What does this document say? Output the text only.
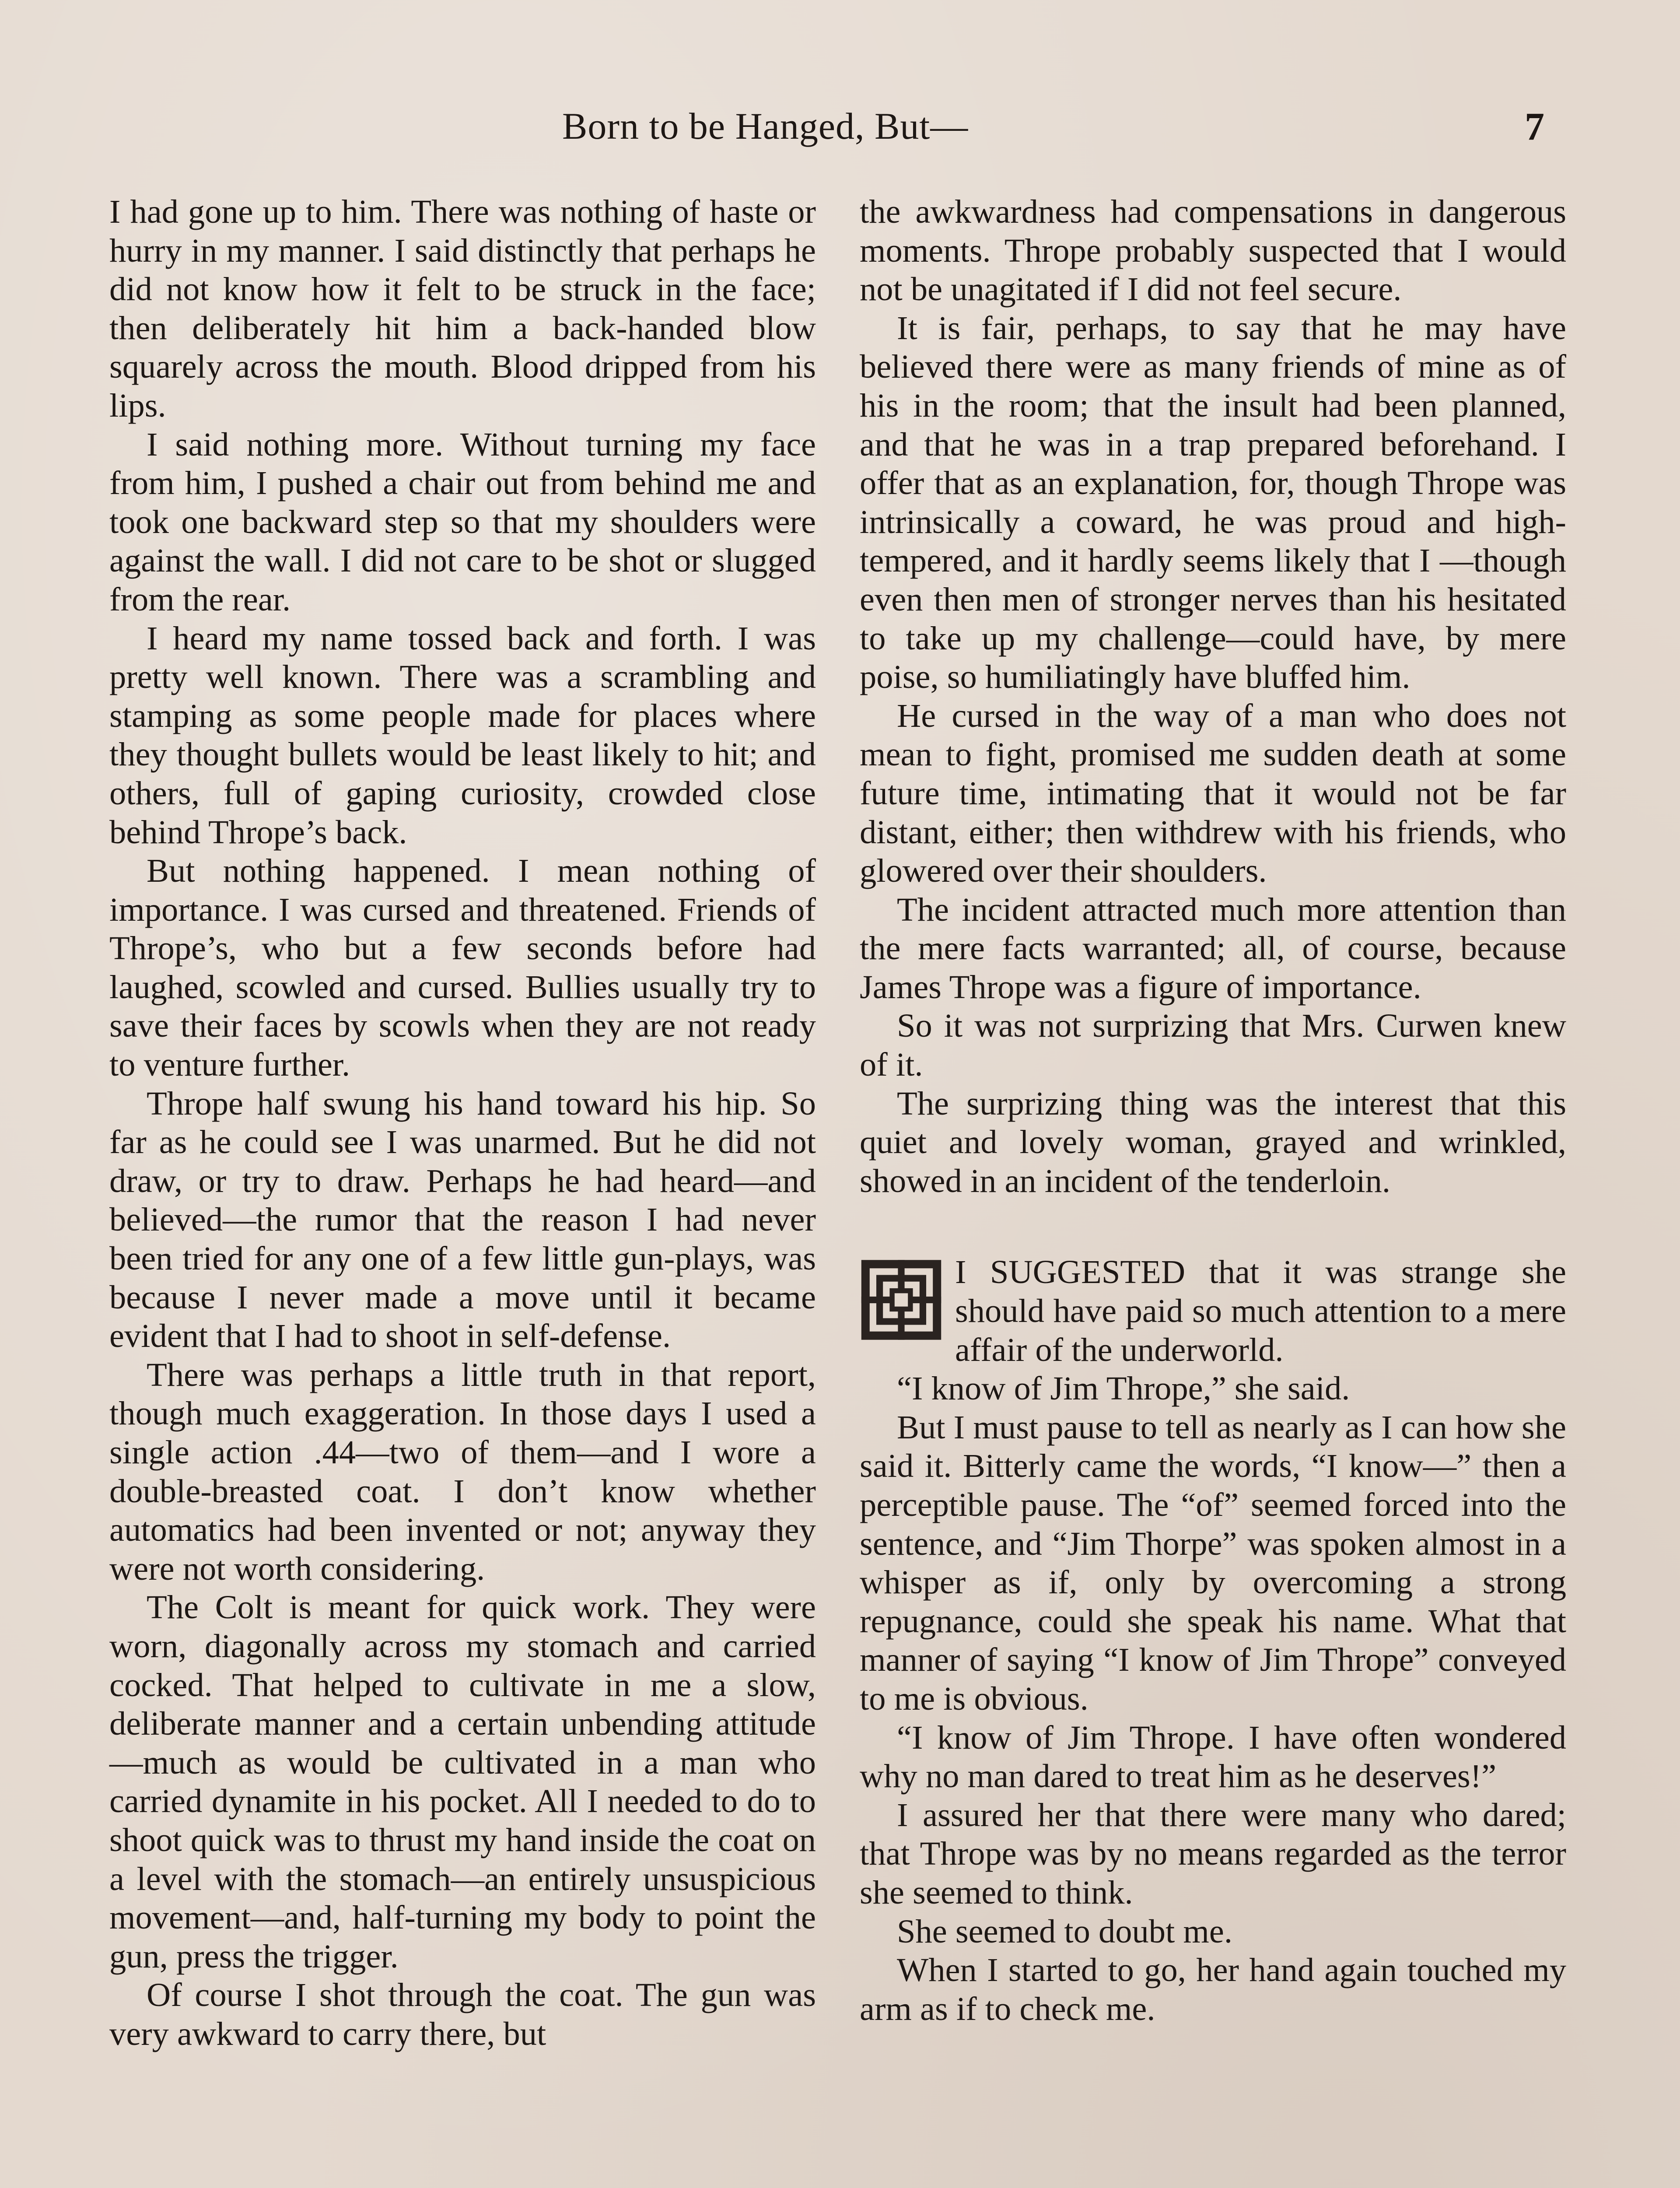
Born to be Hanged, But—	7

I had gone up to him. There was nothing of haste or hurry in my manner. I said distinctly that perhaps he did not know how it felt to be struck in the face; then deliberately hit him a back-handed blow squarely across the mouth. Blood dripped from his lips.

I said nothing more. Without turning my face from him, I pushed a chair out from behind me and took one backward step so that my shoulders were against the wall. I did not care to be shot or slugged from the rear.

I heard my name tossed back and forth. I was pretty well known. There was a scrambling and stamping as some people made for places where they thought bullets would be least likely to hit; and others, full of gaping curiosity, crowded close behind Thrope’s back.

But nothing happened. I mean nothing of importance. I was cursed and threatened. Friends of Thrope’s, who but a few seconds before had laughed, scowled and cursed. Bullies usually try to save their faces by scowls when they are not ready to venture further.

Thrope half swung his hand toward his hip. So far as he could see I was unarmed. But he did not draw, or try to draw. Perhaps he had heard—and believed—the rumor that the reason I had never been tried for any one of a few little gun-plays, was because I never made a move until it became evident that I had to shoot in self-defense.

There was perhaps a little truth in that report, though much exaggeration. In those days I used a single action .44—two of them—and I wore a double-breasted coat. I don’t know whether automatics had been invented or not; anyway they were not worth considering.

The Colt is meant for quick work. They were worn, diagonally across my stomach and carried cocked. That helped to cultivate in me a slow, deliberate manner and a certain unbending attitude—much as would be cultivated in a man who carried dynamite in his pocket. All I needed to do to shoot quick was to thrust my hand inside the coat on a level with the stomach—an entirely unsuspicious movement—and, half-turning my body to point the gun, press the trigger.

Of course I shot through the coat. The gun was very awkward to carry there, but

the awkwardness had compensations in dangerous moments. Thrope probably suspected that I would not be unagitated if I did not feel secure.

It is fair, perhaps, to say that he may have believed there were as many friends of mine as of his in the room; that the insult had been planned, and that he was in a trap prepared beforehand. I offer that as an explanation, for, though Thrope was intrinsically a coward, he was proud and high-tempered, and it hardly seems likely that I —though even then men of stronger nerves than his hesitated to take up my challenge—could have, by mere poise, so humiliatingly have bluffed him.

He cursed in the way of a man who does not mean to fight, promised me sudden death at some future time, intimating that it would not be far distant, either; then withdrew with his friends, who glowered over their shoulders.

The incident attracted much more attention than the mere facts warranted; all, of course, because James Thrope was a figure of importance.

So it was not surprizing that Mrs. Curwen knew of it.

The surprizing thing was the interest that this quiet and lovely woman, grayed and wrinkled, showed in an incident of the tenderloin.

I SUGGESTED that it was strange she should have paid so much attention to a mere affair of the underworld.

“I know of Jim Thrope,” she said.

But I must pause to tell as nearly as I can how she said it. Bitterly came the words, “I know—” then a perceptible pause. The “of” seemed forced into the sentence, and “Jim Thorpe” was spoken almost in a whisper as if, only by overcoming a strong repugnance, could she speak his name. What that manner of saying “I know of Jim Thrope” conveyed to me is obvious.

“I know of Jim Thrope. I have often wondered why no man dared to treat him as he deserves!”

I assured her that there were many who dared; that Thrope was by no means regarded as the terror she seemed to think.

She seemed to doubt me.

When I started to go, her hand again touched my arm as if to check me.
